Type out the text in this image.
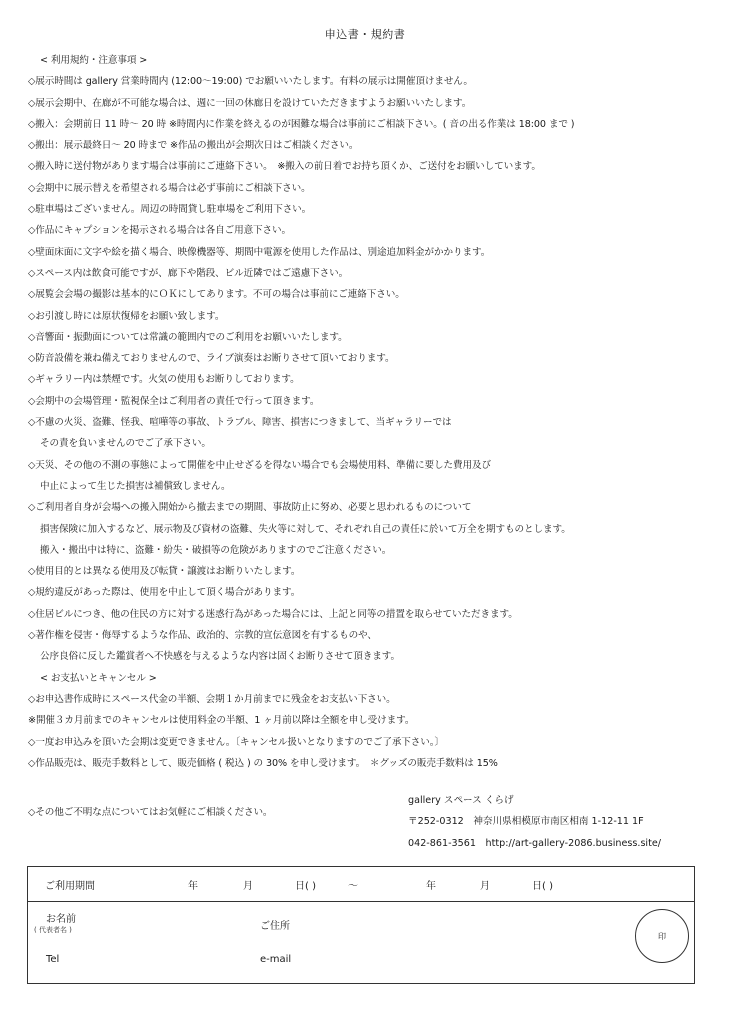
申込書・規約書
< 利用規約・注意事項 >
◇展示時間は gallery 営業時間内 (12:00〜19:00) でお願いいたします。有料の展示は開催頂けません。
◇展示会期中、在廊が不可能な場合は、週に一回の休廊日を設けていただきますようお願いいたします。
◇搬入：会期前日 11 時〜 20 時 ※時間内に作業を終えるのが困難な場合は事前にご相談下さい。( 音の出る作業は 18:00 まで )
◇搬出：展示最終日〜 20 時まで ※作品の搬出が会期次日はご相談ください。
◇搬入時に送付物があります場合は事前にご連絡下さい。　※搬入の前日着でお持ち頂くか、ご送付をお願いしています。
◇会期中に展示替えを希望される場合は必ず事前にご相談下さい。
◇駐車場はございません。周辺の時間貸し駐車場をご利用下さい。
◇作品にキャプションを掲示される場合は各自ご用意下さい。
◇壁面床面に文字や絵を描く場合、映像機器等、期間中電源を使用した作品は、別途追加料金がかかります。
◇スペース内は飲食可能ですが、廊下や階段、ビル近隣ではご遠慮下さい。
◇展覧会会場の撮影は基本的にＯＫにしてあります。不可の場合は事前にご連絡下さい。
◇お引渡し時には原状復帰をお願い致します。
◇音響面・振動面については常識の範囲内でのご利用をお願いいたします。
◇防音設備を兼ね備えておりませんので、ライブ演奏はお断りさせて頂いております。
◇ギャラリー内は禁煙です。火気の使用もお断りしております。
◇会期中の会場管理・監視保全はご利用者の責任で行って頂きます。
◇不慮の火災、盗難、怪我、喧嘩等の事故、トラブル、障害、損害につきまして、当ギャラリーでは
その責を負いませんのでご了承下さい。
◇天災、その他の不測の事態によって開催を中止せざるを得ない場合でも会場使用料、準備に要した費用及び
中止によって生じた損害は補償致しません。
◇ご利用者自身が会場への搬入開始から撤去までの期間、事故防止に努め、必要と思われるものについて
損害保険に加入するなど、展示物及び資材の盗難、失火等に対して、それぞれ自己の責任に於いて万全を期すものとします。
搬入・搬出中は特に、盗難・紛失・破損等の危険がありますのでご注意ください。
◇使用目的とは異なる使用及び転貸・譲渡はお断りいたします。
◇規約違反があった際は、使用を中止して頂く場合があります。
◇住居ビルにつき、他の住民の方に対する迷惑行為があった場合には、上記と同等の措置を取らせていただきます。
◇著作権を侵害・侮辱するような作品、政治的、宗教的宣伝意図を有するものや、
公序良俗に反した鑑賞者へ不快感を与えるような内容は固くお断りさせて頂きます。
< お支払いとキャンセル >
◇お申込書作成時にスペース代金の半額、会期１か月前までに残金をお支払い下さい。
※開催３カ月前までのキャンセルは使用料金の半額、1 ヶ月前以降は全額を申し受けます。
◇一度お申込みを頂いた会期は変更できません。〔キャンセル扱いとなりますのでご了承下さい。〕
◇作品販売は、販売手数料として、販売価格 ( 税込 ) の 30% を申し受けます。　＊グッズの販売手数料は 15%
◇その他ご不明な点についてはお気軽にご相談ください。
gallery スペース くらげ
〒252-0312　神奈川県相模原市南区相南 1-12-11 1F
042-861-3561　http://art-gallery-2086.business.site/
ご利用期間	年	月	日( )	〜	年	月	日( )
お名前
( 代表者名 )	ご住所
Tel	e-mail
印
